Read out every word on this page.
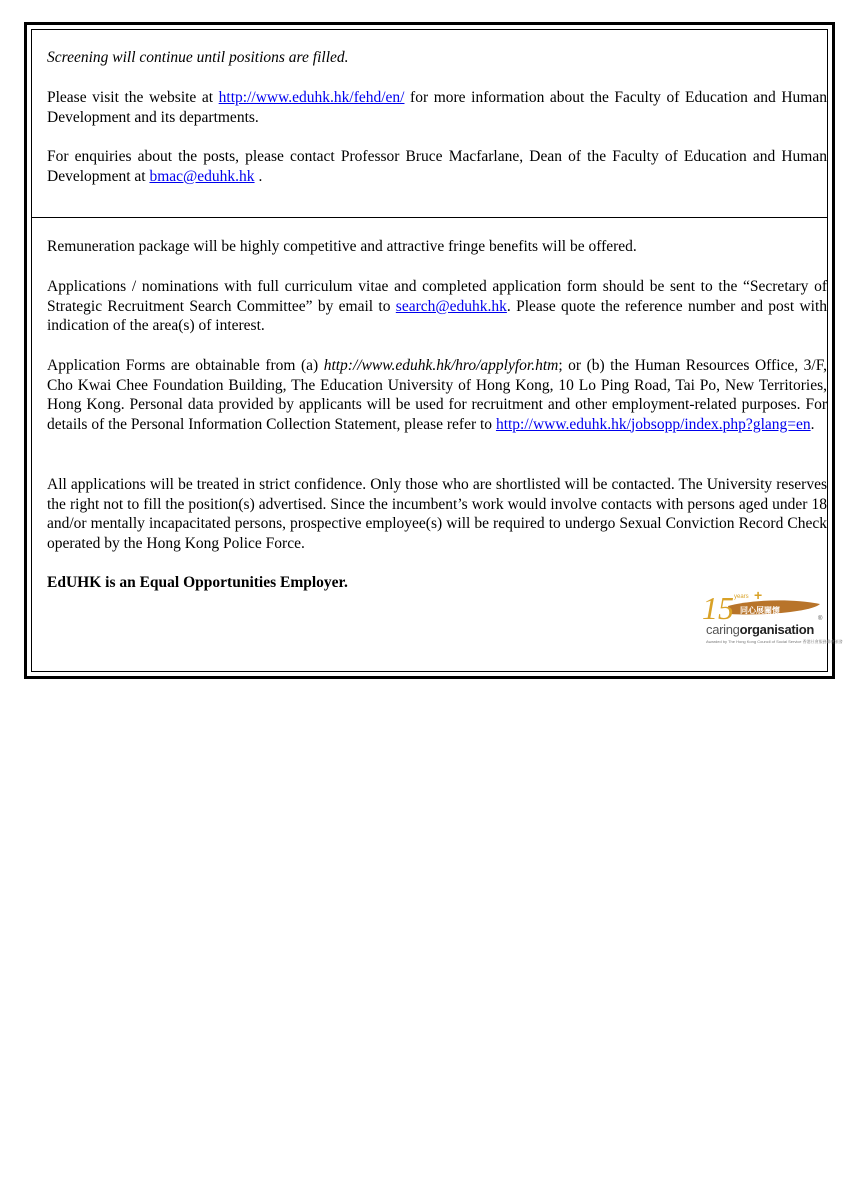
Screening will continue until positions are filled.

Please visit the website at http://www.eduhk.hk/fehd/en/ for more information about the Faculty of Education and Human Development and its departments.

For enquiries about the posts, please contact Professor Bruce Macfarlane, Dean of the Faculty of Education and Human Development at bmac@eduhk.hk .

Remuneration package will be highly competitive and attractive fringe benefits will be offered.

Applications / nominations with full curriculum vitae and completed application form should be sent to the “Secretary of Strategic Recruitment Search Committee” by email to search@eduhk.hk. Please quote the reference number and post with indication of the area(s) of interest.

Application Forms are obtainable from (a) http://www.eduhk.hk/hro/applyfor.htm; or (b) the Human Resources Office, 3/F, Cho Kwai Chee Foundation Building, The Education University of Hong Kong, 10 Lo Ping Road, Tai Po, New Territories, Hong Kong. Personal data provided by applicants will be used for recruitment and other employment-related purposes. For details of the Personal Information Collection Statement, please refer to http://www.eduhk.hk/jobsopp/index.php?glang=en.

All applications will be treated in strict confidence. Only those who are shortlisted will be contacted. The University reserves the right not to fill the position(s) advertised. Since the incumbent’s work would involve contacts with persons aged under 18 and/or mentally incapacitated persons, prospective employee(s) will be required to undergo Sexual Conviction Record Check operated by the Hong Kong Police Force.

EdUHK is an Equal Opportunities Employer.

15 years +
同心展關懷
caringorganisation
®
Awarded by The Hong Kong Council of Social Service 香港社會服務聯會頒發
